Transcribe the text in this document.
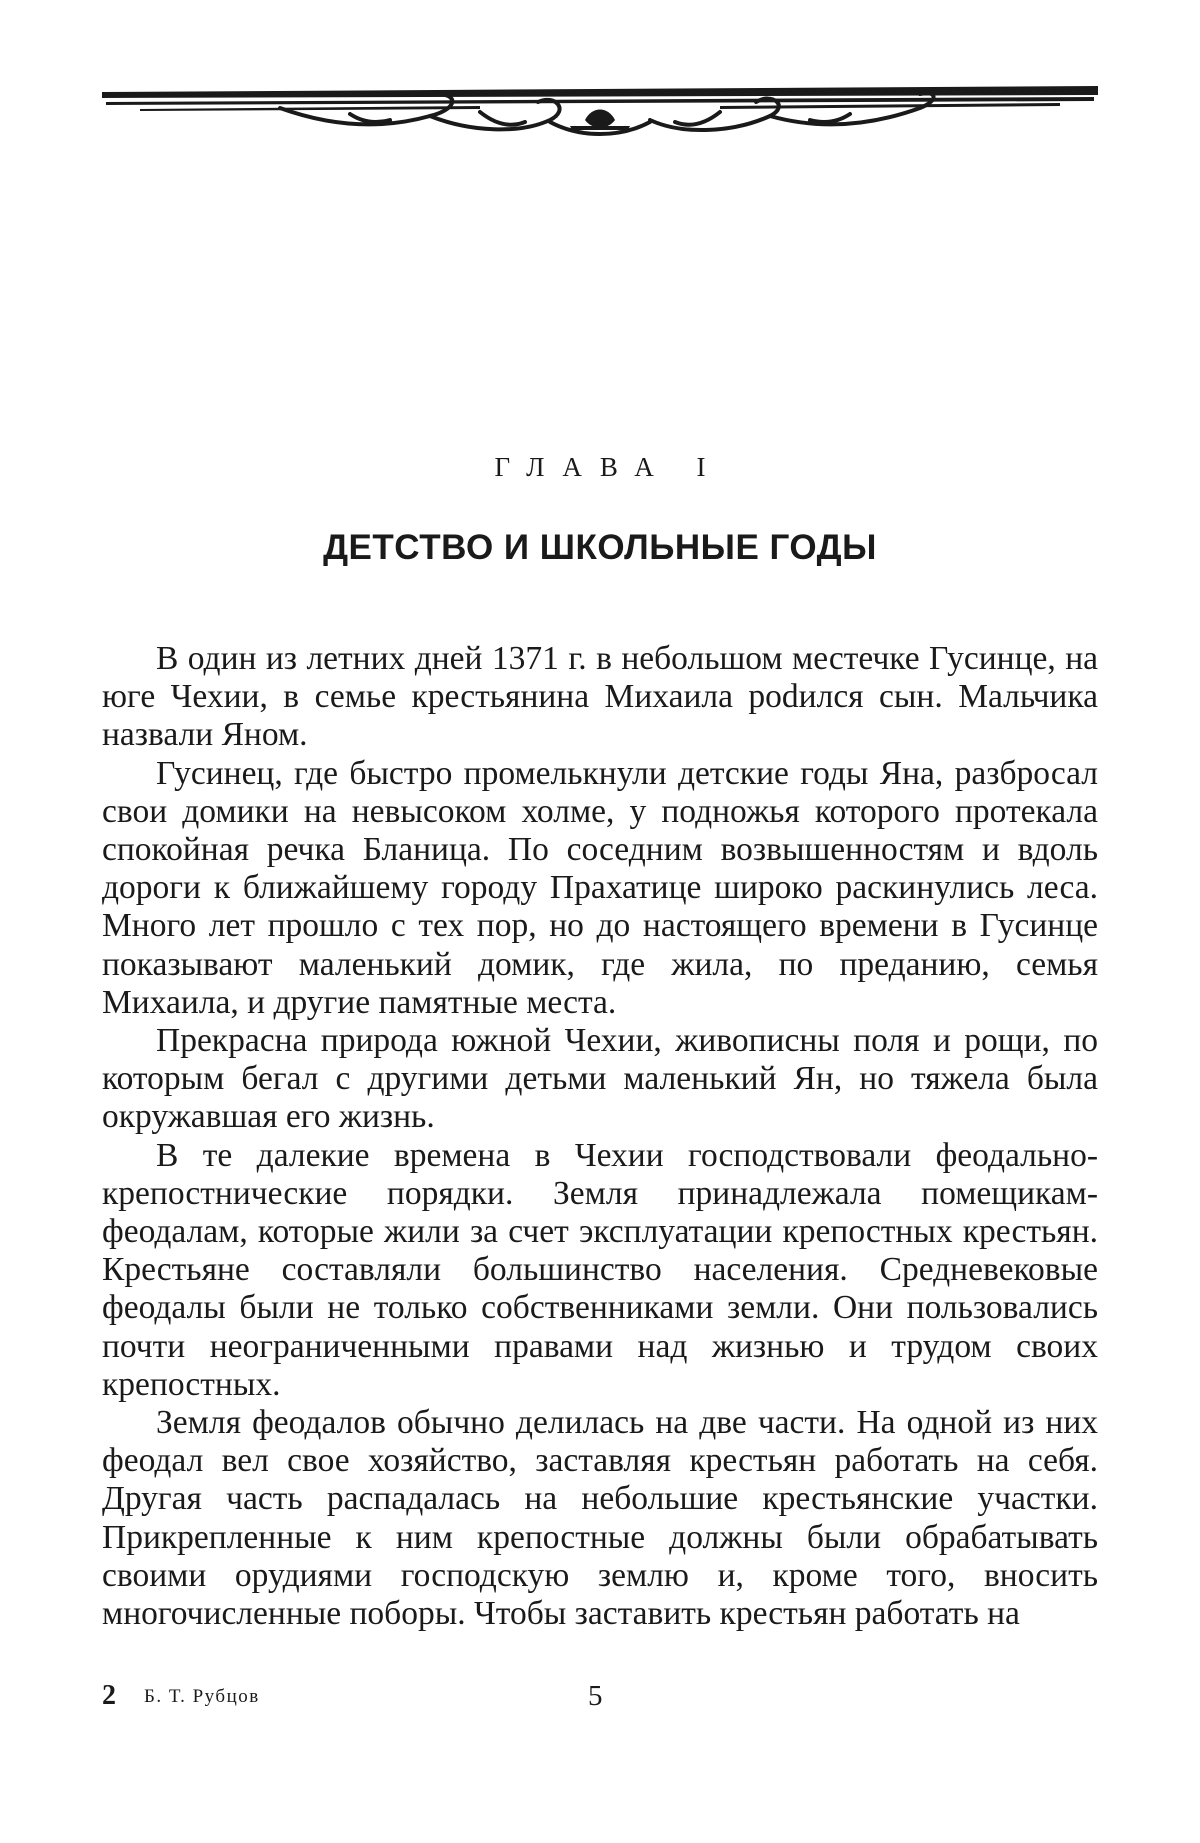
ГЛАВА I
ДЕТСТВО И ШКОЛЬНЫЕ ГОДЫ

В один из летних дней 1371 г. в небольшом местечке Гусинце, на юге Чехии, в семье крестьянина Михаила роdился сын. Мальчика назвали Яном.

Гусинец, где быстро промелькнули детские годы Яна, разбросал свои домики на невысоком холме, у подножья которого протекала спокойная речка Бланица. По соседним возвышенностям и вдоль дороги к ближайшему городу Прахатице широко раскинулись леса. Много лет прошло с тех пор, но до настоящего времени в Гусинце показывают маленький домик, где жила, по преданию, семья Михаила, и другие памятные места.

Прекрасна природа южной Чехии, живописны поля и рощи, по которым бегал с другими детьми маленький Ян, но тяжела была окружавшая его жизнь.

В те далекие времена в Чехии господствовали феодально-крепостнические порядки. Земля принадлежала помещикам-феодалам, которые жили за счет эксплуатации крепостных крестьян. Крестьяне составляли большинство населения. Средневековые феодалы были не только собственниками земли. Они пользовались почти неограниченными правами над жизнью и трудом своих крепостных.

Земля феодалов обычно делилась на две части. На одной из них феодал вел свое хозяйство, заставляя крестьян работать на себя. Другая часть распадалась на небольшие крестьянские участки. Прикрепленные к ним крепостные должны были обрабатывать своими орудиями господскую землю и, кроме того, вносить многочисленные поборы. Чтобы заставить крестьян работать на

2 Б. Т. Рубцов	5
